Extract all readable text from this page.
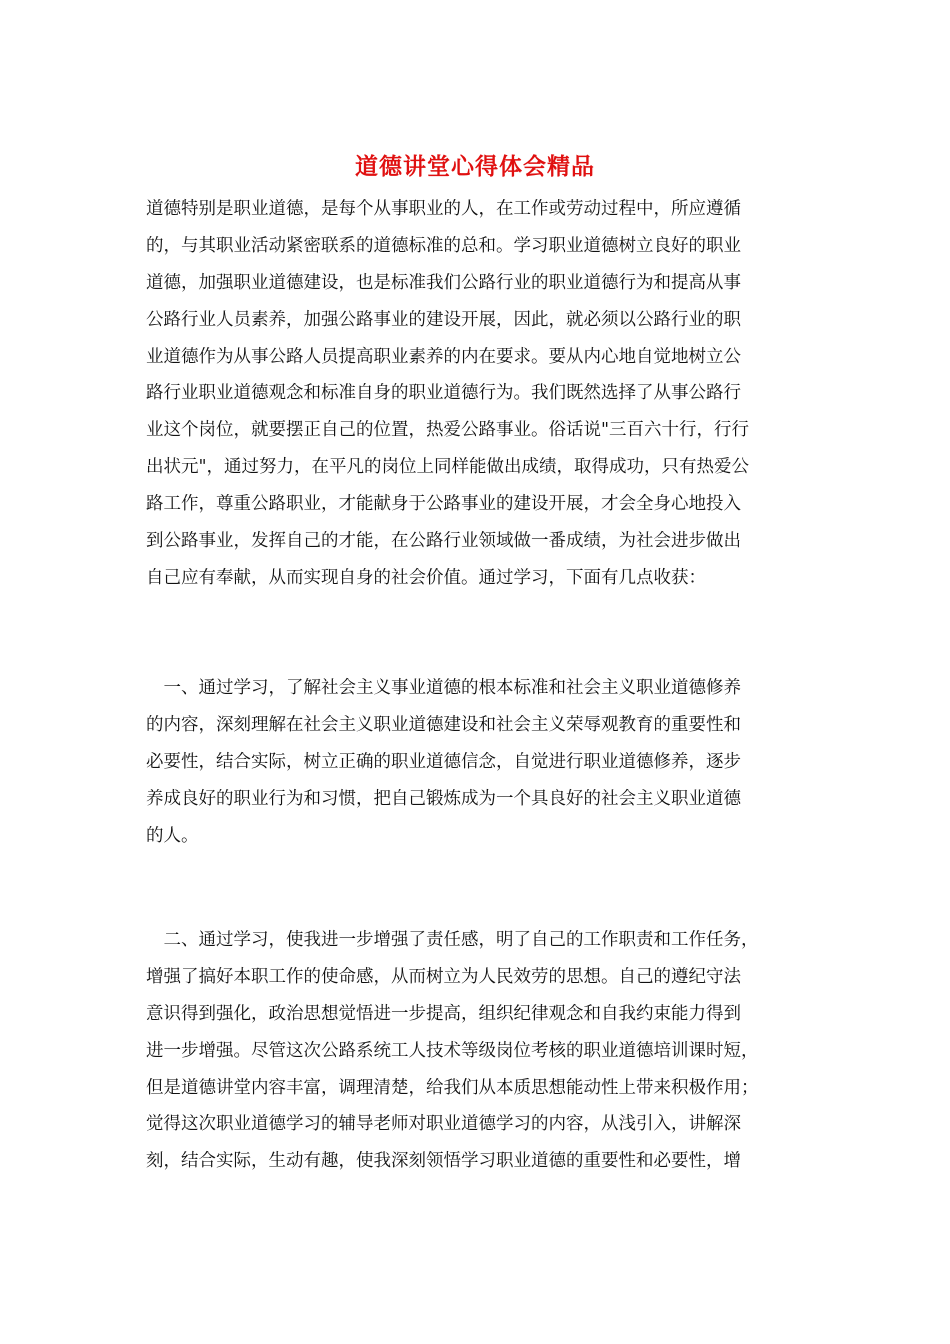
道德讲堂心得体会精品
道德特别是职业道德，是每个从事职业的人，在工作或劳动过程中，所应遵循
的，与其职业活动紧密联系的道德标准的总和。学习职业道德树立良好的职业
道德，加强职业道德建设，也是标准我们公路行业的职业道德行为和提高从事
公路行业人员素养，加强公路事业的建设开展，因此，就必须以公路行业的职
业道德作为从事公路人员提高职业素养的内在要求。要从内心地自觉地树立公
路行业职业道德观念和标准自身的职业道德行为。我们既然选择了从事公路行
业这个岗位，就要摆正自己的位置，热爱公路事业。俗话说"三百六十行，行行
出状元"，通过努力，在平凡的岗位上同样能做出成绩，取得成功，只有热爱公
路工作，尊重公路职业，才能献身于公路事业的建设开展，才会全身心地投入
到公路事业，发挥自己的才能，在公路行业领域做一番成绩，为社会进步做出
自己应有奉献，从而实现自身的社会价值。通过学习，下面有几点收获：
　一、通过学习，了解社会主义事业道德的根本标准和社会主义职业道德修养
的内容，深刻理解在社会主义职业道德建设和社会主义荣辱观教育的重要性和
必要性，结合实际，树立正确的职业道德信念，自觉进行职业道德修养，逐步
养成良好的职业行为和习惯，把自己锻炼成为一个具良好的社会主义职业道德
的人。
　二、通过学习，使我进一步增强了责任感，明了自己的工作职责和工作任务，
增强了搞好本职工作的使命感，从而树立为人民效劳的思想。自己的遵纪守法
意识得到强化，政治思想觉悟进一步提高，组织纪律观念和自我约束能力得到
进一步增强。尽管这次公路系统工人技术等级岗位考核的职业道德培训课时短，
但是道德讲堂内容丰富，调理清楚，给我们从本质思想能动性上带来积极作用；
觉得这次职业道德学习的辅导老师对职业道德学习的内容，从浅引入，讲解深
刻，结合实际，生动有趣，使我深刻领悟学习职业道德的重要性和必要性，增
